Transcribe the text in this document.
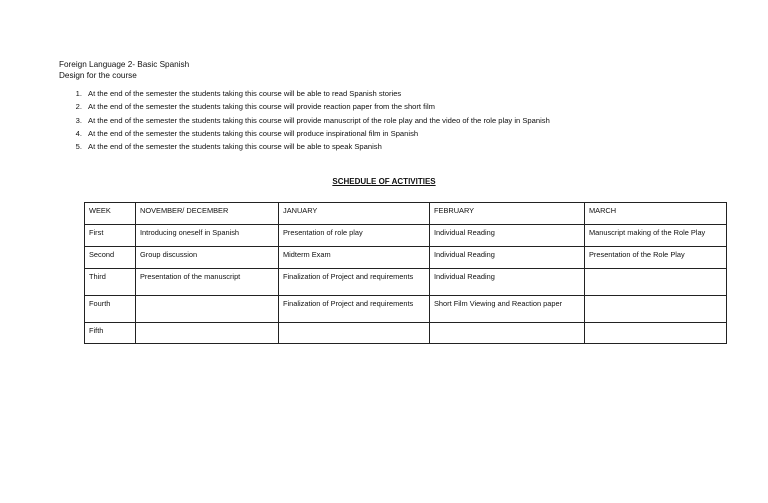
Foreign Language 2- Basic Spanish
Design for the course
1. At the end of the semester the students taking this course will be able to read Spanish stories
2. At the end of the semester the students taking this course will provide reaction paper from the short film
3. At the end of the semester the students taking this course will provide manuscript of the role play and the video of the role play in Spanish
4. At the end of the semester the students taking this course will produce inspirational film in Spanish
5. At the end of the semester the students taking this course will be able to speak Spanish
SCHEDULE OF ACTIVITIES
WEEK	NOVEMBER/ DECEMBER	JANUARY	FEBRUARY	MARCH
First	Introducing oneself in Spanish	Presentation of role play	Individual Reading	Manuscript making of the Role Play
Second	Group discussion	Midterm Exam	Individual Reading	Presentation of the Role Play
Third	Presentation of the manuscript	Finalization of Project and requirements	Individual Reading	
Fourth		Finalization of Project and requirements	Short Film Viewing and Reaction paper	
Fifth				
